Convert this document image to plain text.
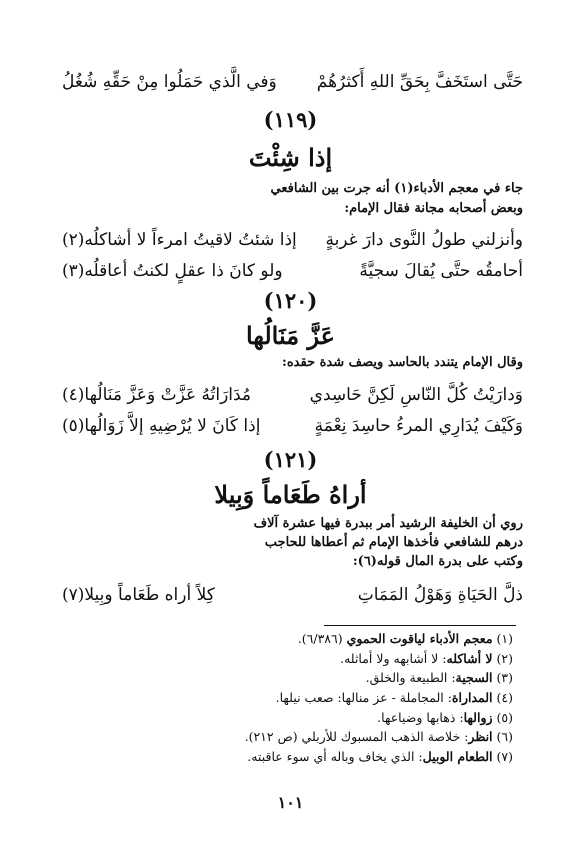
حَتَّى استَخَفَّ بِحَقِّ اللهِ أَكثرُهُمْ
وَفي الَّذي حَمَلُوا مِنْ حَقِّهِ شُغُلُ
(١١٩)
إذا شِئْتَ
جاء في معجم الأدباء(١) أنه جرت بين الشافعي
وبعض أصحابه مجانة فقال الإمام:
وأنزلني طولُ النَّوى دارَ غربةٍ
إذا شئتُ لاقيتُ امرءاً لا أشاكلُه(٢)
أحامقُه حتَّى يُقالَ سجيَّةً
ولو كانَ ذا عقلٍ لكنتُ أعاقلُه(٣)
(١٢٠)
عَزَّ مَنَالُها
وقال الإمام يتندد بالحاسد ويصف شدة حقده:
وَدارَيْتُ كُلَّ النّاسِ لَكِنَّ حَاسِدي
مُدَارَاتُهُ عَزَّتْ وَعَزَّ مَنَالُها(٤)
وَكَيْفَ يُدَارِي المرءُ حاسِدَ نِعْمَةٍ
إذا كَانَ لا يُرْضِيهِ إلاَّ زَوَالُها(٥)
(١٢١)
أراهُ طَعَاماً وَبِيلا
روي أن الخليفة الرشيد أمر ببدرة فيها عشرة آلاف
درهم للشافعي فأخذها الإمام ثم أعطاها للحاجب
وكتب على بدرة المال قوله(٦):
ذلَّ الحَيَاةِ وَهَوْلُ المَمَاتِ
كِلاً أراه طَعَاماً وبِيلا(٧)
(١) معجم الأدباء لياقوت الحموي (٦/٣٨٦).
(٢) لا أشاكله: لا أشابهه ولا أماثله.
(٣) السجية: الطبيعة والخلق.
(٤) المداراة: المجاملة - عز منالها: صعب نيلها.
(٥) زوالها: ذهابها وضياعها.
(٦) انظر: خلاصة الذهب المسبوك للأربلي (ص ٢١٢).
(٧) الطعام الوبيل: الذي يخاف وباله أي سوء عاقبته.
١٠١
